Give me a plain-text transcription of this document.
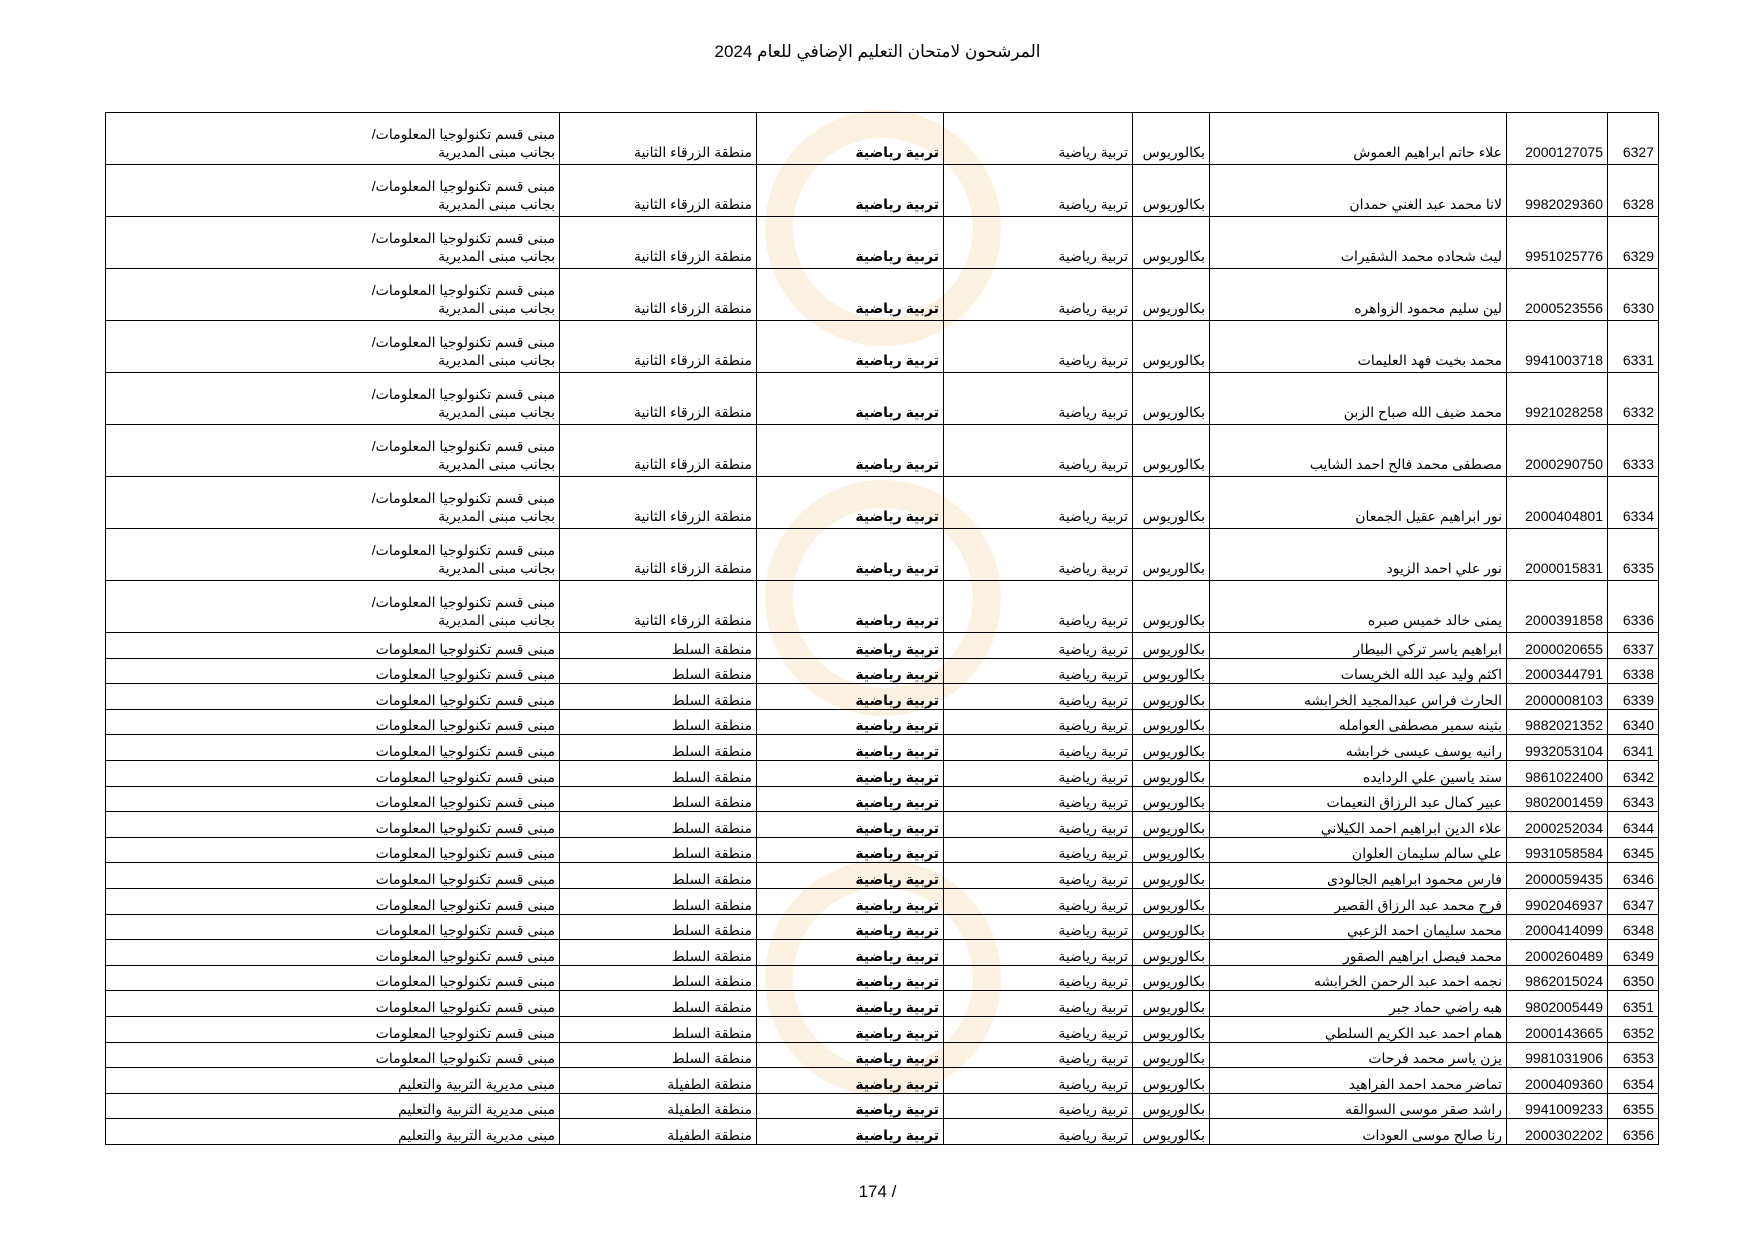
المرشحون لامتحان التعليم الإضافي للعام 2024
6327	2000127075	علاء حاتم ابراهيم العموش	بكالوريوس	تربية رياضية	تربية رياضية	منطقة الزرقاء الثانية	مبنى قسم تكنولوجيا المعلومات/
بجانب مبنى المديرية

6328	9982029360	لانا محمد عبد الغني حمدان	بكالوريوس	تربية رياضية	تربية رياضية	منطقة الزرقاء الثانية	مبنى قسم تكنولوجيا المعلومات/
بجانب مبنى المديرية

6329	9951025776	ليث شحاده محمد الشقيرات	بكالوريوس	تربية رياضية	تربية رياضية	منطقة الزرقاء الثانية	مبنى قسم تكنولوجيا المعلومات/
بجانب مبنى المديرية

6330	2000523556	لين سليم محمود الزواهره	بكالوريوس	تربية رياضية	تربية رياضية	منطقة الزرقاء الثانية	مبنى قسم تكنولوجيا المعلومات/
بجانب مبنى المديرية

6331	9941003718	محمد بخيت فهد العليمات	بكالوريوس	تربية رياضية	تربية رياضية	منطقة الزرقاء الثانية	مبنى قسم تكنولوجيا المعلومات/
بجانب مبنى المديرية

6332	9921028258	محمد ضيف الله صباح الزبن	بكالوريوس	تربية رياضية	تربية رياضية	منطقة الزرقاء الثانية	مبنى قسم تكنولوجيا المعلومات/
بجانب مبنى المديرية

6333	2000290750	مصطفى محمد فالح احمد الشايب	بكالوريوس	تربية رياضية	تربية رياضية	منطقة الزرقاء الثانية	مبنى قسم تكنولوجيا المعلومات/
بجانب مبنى المديرية

6334	2000404801	نور ابراهيم عقيل الجمعان	بكالوريوس	تربية رياضية	تربية رياضية	منطقة الزرقاء الثانية	مبنى قسم تكنولوجيا المعلومات/
بجانب مبنى المديرية

6335	2000015831	نور علي احمد الزيود	بكالوريوس	تربية رياضية	تربية رياضية	منطقة الزرقاء الثانية	مبنى قسم تكنولوجيا المعلومات/
بجانب مبنى المديرية

6336	2000391858	يمنى خالد خميس صبره	بكالوريوس	تربية رياضية	تربية رياضية	منطقة الزرقاء الثانية	مبنى قسم تكنولوجيا المعلومات/
بجانب مبنى المديرية

6337	2000020655	ابراهيم ياسر تركي البيطار	بكالوريوس	تربية رياضية	تربية رياضية	منطقة السلط	مبنى قسم تكنولوجيا المعلومات

6338	2000344791	اكثم وليد عبد الله الخريسات	بكالوريوس	تربية رياضية	تربية رياضية	منطقة السلط	مبنى قسم تكنولوجيا المعلومات

6339	2000008103	الحارث فراس عبدالمجيد الخرابشه	بكالوريوس	تربية رياضية	تربية رياضية	منطقة السلط	مبنى قسم تكنولوجيا المعلومات

6340	9882021352	بثينه سمير مصطفى العوامله	بكالوريوس	تربية رياضية	تربية رياضية	منطقة السلط	مبنى قسم تكنولوجيا المعلومات

6341	9932053104	رانيه يوسف عيسى خرابشه	بكالوريوس	تربية رياضية	تربية رياضية	منطقة السلط	مبنى قسم تكنولوجيا المعلومات

6342	9861022400	سند ياسين علي الردايده	بكالوريوس	تربية رياضية	تربية رياضية	منطقة السلط	مبنى قسم تكنولوجيا المعلومات

6343	9802001459	عبير كمال عبد الرزاق النعيمات	بكالوريوس	تربية رياضية	تربية رياضية	منطقة السلط	مبنى قسم تكنولوجيا المعلومات

6344	2000252034	علاء الدين ابراهيم احمد الكيلاني	بكالوريوس	تربية رياضية	تربية رياضية	منطقة السلط	مبنى قسم تكنولوجيا المعلومات

6345	9931058584	علي سالم سليمان العلوان	بكالوريوس	تربية رياضية	تربية رياضية	منطقة السلط	مبنى قسم تكنولوجيا المعلومات

6346	2000059435	فارس محمود ابراهيم الجالودى	بكالوريوس	تربية رياضية	تربية رياضية	منطقة السلط	مبنى قسم تكنولوجيا المعلومات

6347	9902046937	فرح محمد عبد الرزاق القصير	بكالوريوس	تربية رياضية	تربية رياضية	منطقة السلط	مبنى قسم تكنولوجيا المعلومات

6348	2000414099	محمد سليمان احمد الزعبي	بكالوريوس	تربية رياضية	تربية رياضية	منطقة السلط	مبنى قسم تكنولوجيا المعلومات

6349	2000260489	محمد فيصل ابراهيم الصقور	بكالوريوس	تربية رياضية	تربية رياضية	منطقة السلط	مبنى قسم تكنولوجيا المعلومات

6350	9862015024	نجمه احمد عبد الرحمن الخرابشه	بكالوريوس	تربية رياضية	تربية رياضية	منطقة السلط	مبنى قسم تكنولوجيا المعلومات

6351	9802005449	هبه راضي حماد جبر	بكالوريوس	تربية رياضية	تربية رياضية	منطقة السلط	مبنى قسم تكنولوجيا المعلومات

6352	2000143665	همام احمد عبد الكريم السلطي	بكالوريوس	تربية رياضية	تربية رياضية	منطقة السلط	مبنى قسم تكنولوجيا المعلومات

6353	9981031906	يزن ياسر محمد فرحات	بكالوريوس	تربية رياضية	تربية رياضية	منطقة السلط	مبنى قسم تكنولوجيا المعلومات

6354	2000409360	تماضر محمد احمد الفراهيد	بكالوريوس	تربية رياضية	تربية رياضية	منطقة الطفيلة	مبنى مديرية التربية والتعليم

6355	9941009233	راشد صقر موسى السوالقه	بكالوريوس	تربية رياضية	تربية رياضية	منطقة الطفيلة	مبنى مديرية التربية والتعليم

6356	2000302202	رنا صالح موسى العودات	بكالوريوس	تربية رياضية	تربية رياضية	منطقة الطفيلة	مبنى مديرية التربية والتعليم
174 /
